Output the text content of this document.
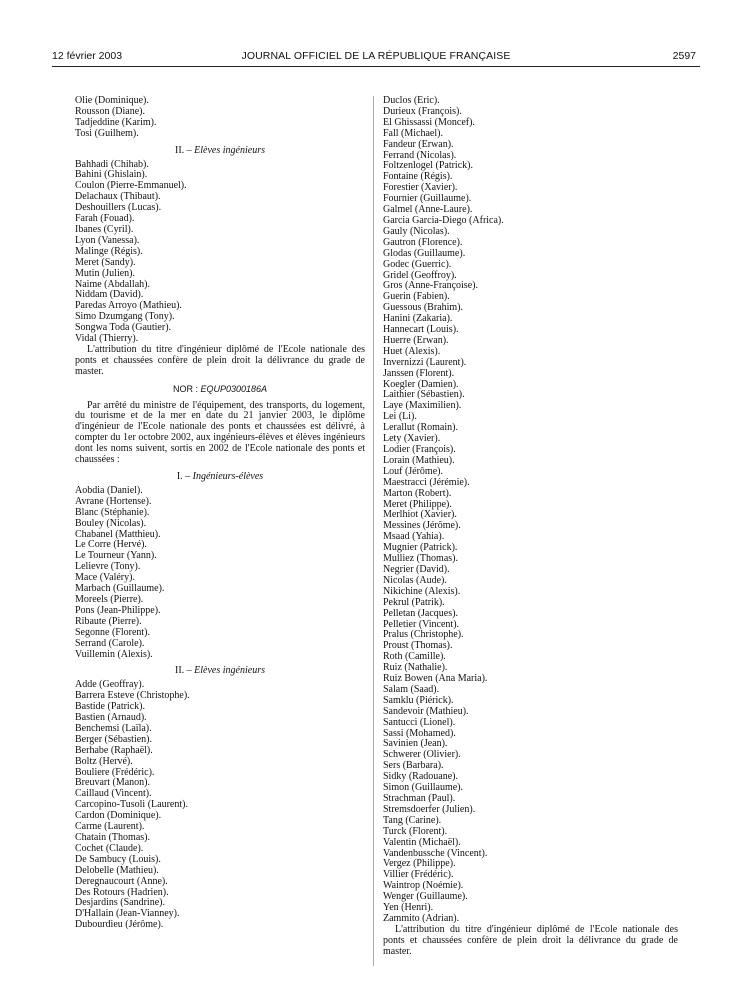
12 février 2003	JOURNAL OFFICIEL DE LA RÉPUBLIQUE FRANÇAISE	2597
Olie (Dominique).
Rousson (Diane).
Tadjeddine (Karim).
Tosi (Guilhem).
II. – Elèves ingénieurs
Bahhadi (Chihab).
Bahini (Ghislain).
Coulon (Pierre-Emmanuel).
Delachaux (Thibaut).
Deshouillers (Lucas).
Farah (Fouad).
Ibanes (Cyril).
Lyon (Vanessa).
Malinge (Régis).
Meret (Sandy).
Mutin (Julien).
Naime (Abdallah).
Niddam (David).
Paredas Arroyo (Mathieu).
Simo Dzumgang (Tony).
Songwa Toda (Gautier).
Vidal (Thierry).
L'attribution du titre d'ingénieur diplômé de l'Ecole nationale des ponts et chaussées confère de plein droit la délivrance du grade de master.
NOR : EQUP0300186A
Par arrêté du ministre de l'équipement, des transports, du logement, du tourisme et de la mer en date du 21 janvier 2003, le diplôme d'ingénieur de l'Ecole nationale des ponts et chaussées est délivré, à compter du 1er octobre 2002, aux ingénieurs-élèves et élèves ingénieurs dont les noms suivent, sortis en 2002 de l'Ecole nationale des ponts et chaussées :
I. – Ingénieurs-élèves
Aobdia (Daniel).
Avrane (Hortense).
Blanc (Stéphanie).
Bouley (Nicolas).
Chabanel (Matthieu).
Le Corre (Hervé).
Le Tourneur (Yann).
Lelievre (Tony).
Mace (Valéry).
Marbach (Guillaume).
Moreels (Pierre).
Pons (Jean-Philippe).
Ribaute (Pierre).
Segonne (Florent).
Serrand (Carole).
Vuillemin (Alexis).
II. – Elèves ingénieurs
Adde (Geoffray).
Barrera Esteve (Christophe).
Bastide (Patrick).
Bastien (Arnaud).
Benchemsi (Laïla).
Berger (Sébastien).
Berhabe (Raphaël).
Boltz (Hervé).
Bouliere (Frédéric).
Breuvart (Manon).
Caillaud (Vincent).
Carcopino-Tusoli (Laurent).
Cardon (Dominique).
Carme (Laurent).
Chatain (Thomas).
Cochet (Claude).
De Sambucy (Louis).
Delobelle (Mathieu).
Deregnaucourt (Anne).
Des Rotours (Hadrien).
Desjardins (Sandrine).
D'Hallain (Jean-Vianney).
Dubourdieu (Jérôme).
Duclos (Eric).
Durieux (François).
El Ghissassi (Moncef).
Fall (Michael).
Fandeur (Erwan).
Ferrand (Nicolas).
Foltzenlogel (Patrick).
Fontaine (Régis).
Forestier (Xavier).
Fournier (Guillaume).
Galmel (Anne-Laure).
Garcia Garcia-Diego (Africa).
Gauly (Nicolas).
Gautron (Florence).
Glodas (Guillaume).
Godec (Guerric).
Gridel (Geoffroy).
Gros (Anne-Françoise).
Guerin (Fabien).
Guessous (Brahim).
Hanini (Zakaria).
Hannecart (Louis).
Huerre (Erwan).
Huet (Alexis).
Invernizzi (Laurent).
Janssen (Florent).
Koegler (Damien).
Laithier (Sébastien).
Laye (Maximilien).
Lei (Li).
Lerallut (Romain).
Lety (Xavier).
Lodier (François).
Lorain (Mathieu).
Louf (Jérôme).
Maestracci (Jérémie).
Marton (Robert).
Meret (Philippe).
Merlhiot (Xavier).
Messines (Jérôme).
Msaad (Yahia).
Mugnier (Patrick).
Mulliez (Thomas).
Negrier (David).
Nicolas (Aude).
Nikichine (Alexis).
Pekrul (Patrik).
Pelletan (Jacques).
Pelletier (Vincent).
Pralus (Christophe).
Proust (Thomas).
Roth (Camille).
Ruiz (Nathalie).
Ruiz Bowen (Ana Maria).
Salam (Saad).
Samklu (Piérick).
Sandevoir (Mathieu).
Santucci (Lionel).
Sassi (Mohamed).
Savinien (Jean).
Schwerer (Olivier).
Sers (Barbara).
Sidky (Radouane).
Simon (Guillaume).
Strachman (Paul).
Stremsdoerfer (Julien).
Tang (Carine).
Turck (Florent).
Valentin (Michaël).
Vandenbussche (Vincent).
Vergez (Philippe).
Villier (Frédéric).
Waintrop (Noémie).
Wenger (Guillaume).
Yen (Henri).
Zammito (Adrian).
L'attribution du titre d'ingénieur diplômé de l'Ecole nationale des ponts et chaussées confère de plein droit la délivrance du grade de master.
